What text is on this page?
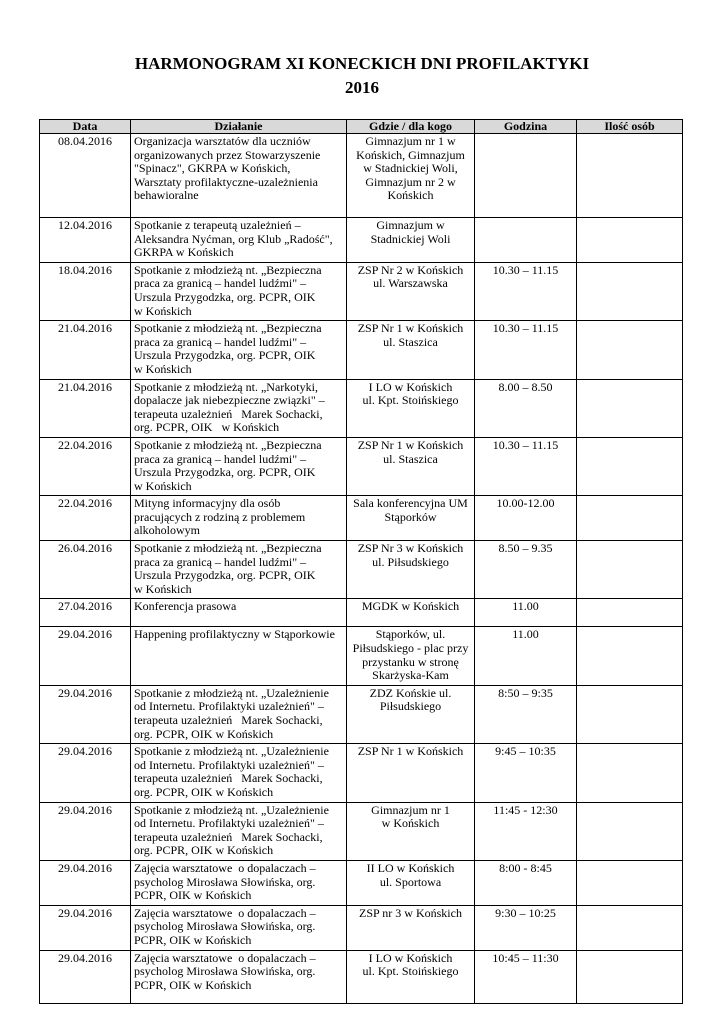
HARMONOGRAM XI KONECKICH DNI PROFILAKTYKI
2016
Data	Działanie	Gdzie / dla kogo	Godzina	Ilość osób
08.04.2016	Organizacja warsztatów dla uczniów
organizowanych przez Stowarzyszenie
"Spinacz", GKRPA w Końskich,
Warsztaty profilaktyczne-uzależnienia
behawioralne	Gimnazjum nr 1 w
Końskich, Gimnazjum
w Stadnickiej Woli,
Gimnazjum nr 2 w
Końskich		

12.04.2016	Spotkanie z terapeutą uzależnień –
Aleksandra Nyćman, org Klub „Radość",
GKRPA w Końskich	Gimnazjum w
Stadnickiej Woli		

18.04.2016	Spotkanie z młodzieżą nt. „Bezpieczna
praca za granicą – handel ludźmi" –
Urszula Przygodzka, org. PCPR, OIK
w Końskich	ZSP Nr 2 w Końskich
ul. Warszawska	10.30 – 11.15	
21.04.2016	Spotkanie z młodzieżą nt. „Bezpieczna
praca za granicą – handel ludźmi" –
Urszula Przygodzka, org. PCPR, OIK
w Końskich	ZSP Nr 1 w Końskich
ul. Staszica	10.30 – 11.15	
21.04.2016	Spotkanie z młodzieżą nt. „Narkotyki,
dopalacze jak niebezpieczne związki" –
terapeuta uzależnień   Marek Sochacki,
org. PCPR, OIK   w Końskich	I LO w Końskich
ul. Kpt. Stoińskiego	8.00 – 8.50	
22.04.2016	Spotkanie z młodzieżą nt. „Bezpieczna
praca za granicą – handel ludźmi" –
Urszula Przygodzka, org. PCPR, OIK
w Końskich	ZSP Nr 1 w Końskich
ul. Staszica	10.30 – 11.15	
22.04.2016	Mityng informacyjny dla osób
pracujących z rodziną z problemem
alkoholowym	Sala konferencyjna UM
Stąporków	10.00-12.00	
26.04.2016	Spotkanie z młodzieżą nt. „Bezpieczna
praca za granicą – handel ludźmi" –
Urszula Przygodzka, org. PCPR, OIK
w Końskich	ZSP Nr 3 w Końskich
ul. Piłsudskiego	8.50 – 9.35	
27.04.2016	Konferencja prasowa	MGDK w Końskich	11.00	
29.04.2016	Happening profilaktyczny w Stąporkowie	Stąporków, ul.
Piłsudskiego - plac przy
przystanku w stronę
Skarżyska-Kam	11.00	
29.04.2016	Spotkanie z młodzieżą nt. „Uzależnienie
od Internetu. Profilaktyki uzależnień" –
terapeuta uzależnień   Marek Sochacki,
org. PCPR, OIK w Końskich	ZDZ Końskie ul.
Piłsudskiego	8:50 – 9:35	
29.04.2016	Spotkanie z młodzieżą nt. „Uzależnienie
od Internetu. Profilaktyki uzależnień" –
terapeuta uzależnień   Marek Sochacki,
org. PCPR, OIK w Końskich	ZSP Nr 1 w Końskich	9:45 – 10:35	
29.04.2016	Spotkanie z młodzieżą nt. „Uzależnienie
od Internetu. Profilaktyki uzależnień" –
terapeuta uzależnień   Marek Sochacki,
org. PCPR, OIK w Końskich	Gimnazjum nr 1
w Końskich	11:45 - 12:30	
29.04.2016	Zajęcia warsztatowe  o dopalaczach –
psycholog Mirosława Słowińska, org.
PCPR, OIK w Końskich	II LO w Końskich
ul. Sportowa	8:00 - 8:45	
29.04.2016	Zajęcia warsztatowe  o dopalaczach –
psycholog Mirosława Słowińska, org.
PCPR, OIK w Końskich	ZSP nr 3 w Końskich	9:30 – 10:25	
29.04.2016	Zajęcia warsztatowe  o dopalaczach –
psycholog Mirosława Słowińska, org.
PCPR, OIK w Końskich	I LO w Końskich
ul. Kpt. Stoińskiego	10:45 – 11:30	
